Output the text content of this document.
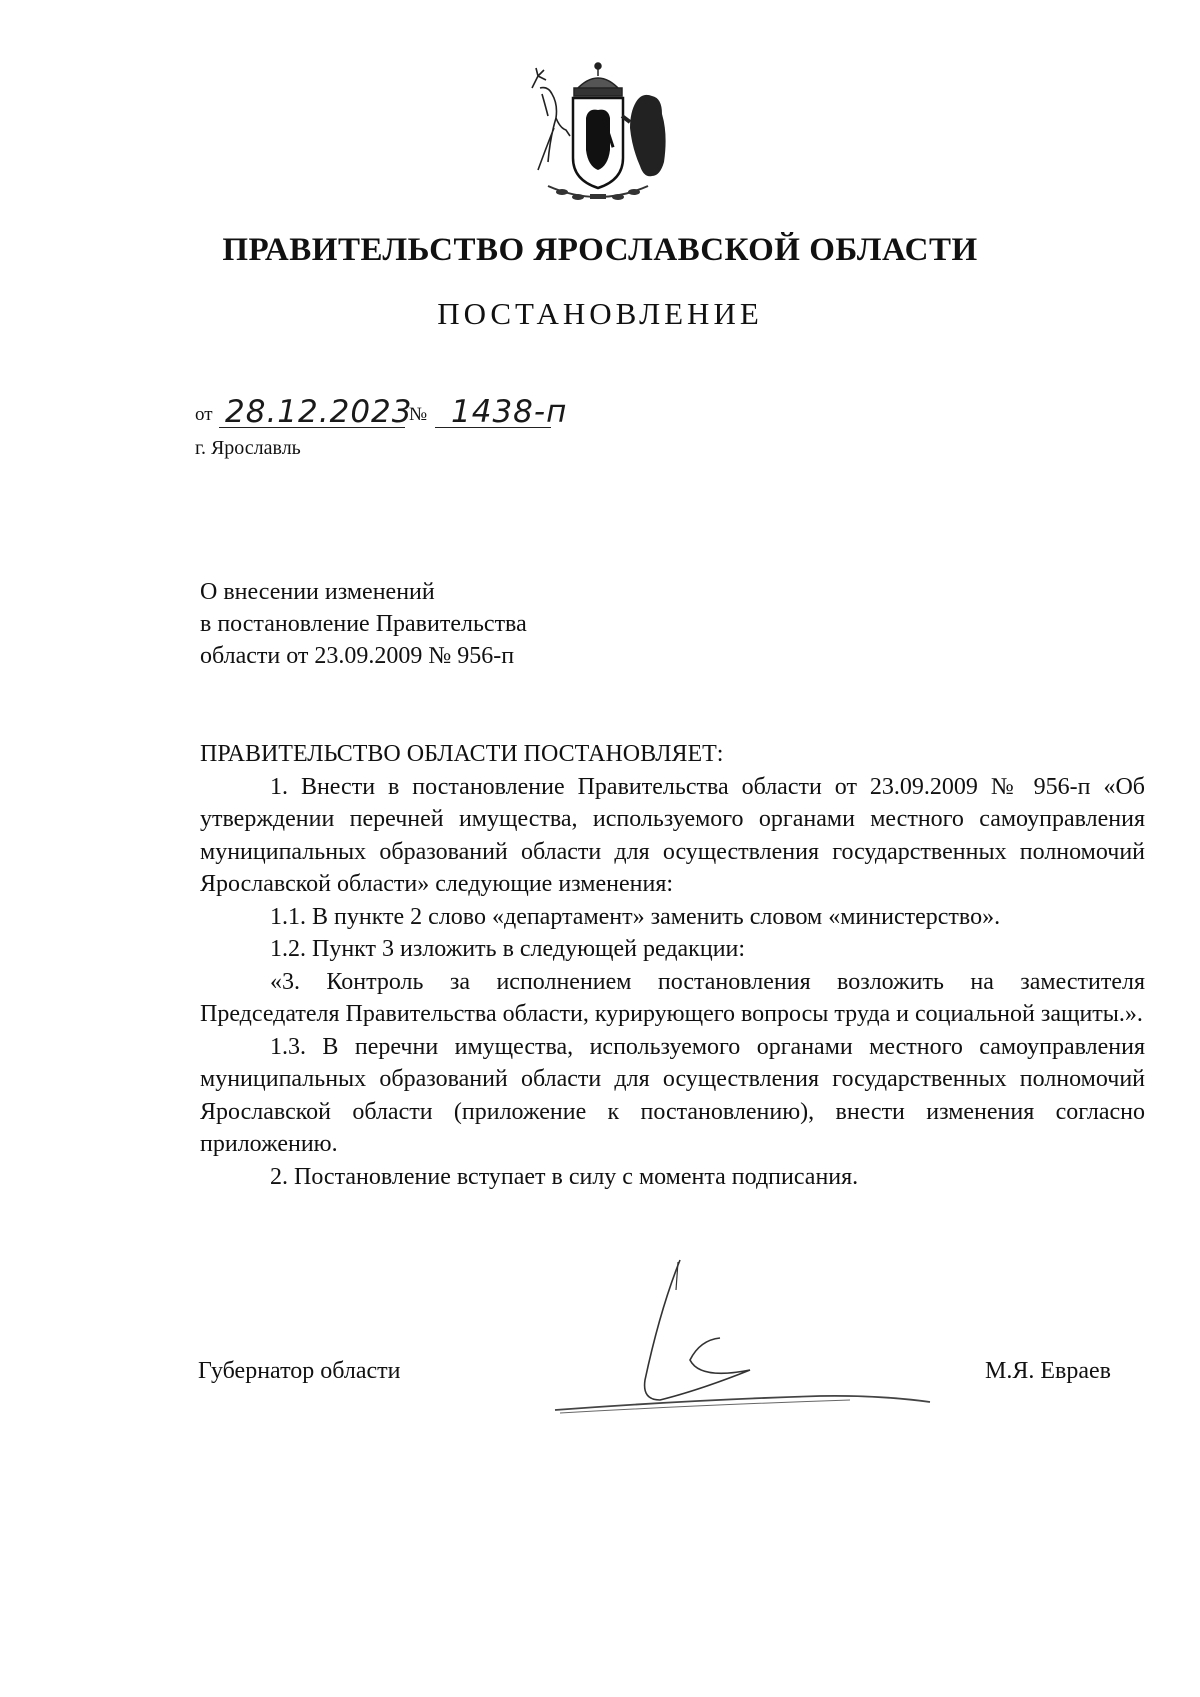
ПРАВИТЕЛЬСТВО ЯРОСЛАВСКОЙ ОБЛАСТИ
ПОСТАНОВЛЕНИЕ
от 28.12.2023
№ 1438-п
г. Ярославль
О внесении изменений
в постановление Правительства
области от 23.09.2009 № 956-п

ПРАВИТЕЛЬСТВО ОБЛАСТИ ПОСТАНОВЛЯЕТ:

1. Внести в постановление Правительства области от 23.09.2009 № 956-п «Об утверждении перечней имущества, используемого органами местного самоуправления муниципальных образований области для осуществления государственных полномочий Ярославской области» следующие изменения:

1.1. В пункте 2 слово «департамент» заменить словом «министерство».

1.2. Пункт 3 изложить в следующей редакции:

«3. Контроль за исполнением постановления возложить на заместителя Председателя Правительства области, курирующего вопросы труда и социальной защиты.».

1.3. В перечни имущества, используемого органами местного самоуправления муниципальных образований области для осуществления государственных полномочий Ярославской области (приложение к постановлению), внести изменения согласно приложению.

2. Постановление вступает в силу с момента подписания.

Губернатор области	М.Я. Евраев
